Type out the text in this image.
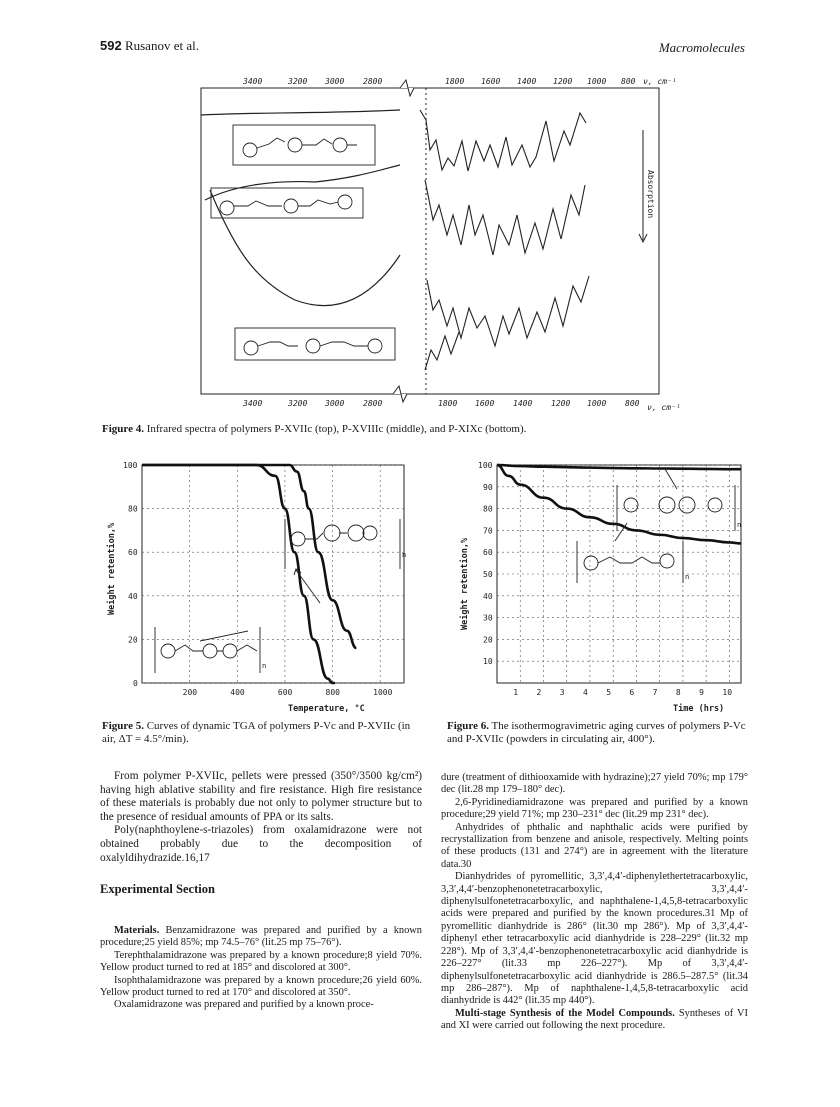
592 Rusanov et al.	Macromolecules
3400	3200 3000 2800	1800 1600 1400 1200 1000 800 ν, cm⁻¹
3400	3200 3000 2800	1800 1600 1400 1200 1000 800 ν, cm⁻¹
Absorption
Figure 4. Infrared spectra of polymers P-XVIIc (top), P-XVIIIc (middle), and P-XIXc (bottom).
200	400	600	800	1000
0
20
40
60
80
100
Weight retention,%
Temperature, °C
n
n
Figure 5. Curves of dynamic TGA of polymers P-Vc and P-XVIIc (in air, ΔT = 4.5°/min).
1 2 3 4 5 6 7 8 9 10
10
20
30
40
50
60
70
80
90
100
Weight retention,%
Time (hrs)
n
n
Figure 6. The isothermogravimetric aging curves of polymers P-Vc and P-XVIIc (powders in circulating air, 400°).

From polymer P-XVIIc, pellets were pressed (350°/3500 kg/cm²) having high ablative stability and fire resistance. High fire resistance of these materials is probably due not only to polymer structure but to the presence of residual amounts of PPA or its salts.

Poly(naphthoylene-s-triazoles) from oxalamidrazone were not obtained probably due to the decomposition of oxalyldihydrazide.16,17

Experimental Section

Materials. Benzamidrazone was prepared and purified by a known procedure;25 yield 85%; mp 74.5–76° (lit.25 mp 75–76°).

Terephthalamidrazone was prepared by a known procedure;8 yield 70%. Yellow product turned to red at 185° and discolored at 300°.

Isophthalamidrazone was prepared by a known procedure;26 yield 60%. Yellow product turned to red at 170° and discolored at 350°.

Oxalamidrazone was prepared and purified by a known proce-

dure (treatment of dithiooxamide with hydrazine);27 yield 70%; mp 179° dec (lit.28 mp 179–180° dec).

2,6-Pyridinediamidrazone was prepared and purified by a known procedure;29 yield 71%; mp 230–231° dec (lit.29 mp 231° dec).

Anhydrides of phthalic and naphthalic acids were purified by recrystallization from benzene and anisole, respectively. Melting points of these products (131 and 274°) are in agreement with the literature data.30

Dianhydrides of pyromellitic, 3,3′,4,4′-diphenylethertetracarboxylic, 3,3′,4,4′-benzophenonetetracarboxylic, 3,3′,4,4′-diphenylsulfonetetracarboxylic, and naphthalene-1,4,5,8-tetracarboxylic acids were prepared and purified by the known procedures.31 Mp of pyromellitic dianhydride is 286° (lit.30 mp 286°). Mp of 3,3′,4,4′-diphenyl ether tetracarboxylic acid dianhydride is 228–229° (lit.32 mp 228°). Mp of 3,3′,4,4′-benzophenonetetracarboxylic acid dianhydride is 226–227° (lit.33 mp 226–227°). Mp of 3,3′,4,4′-diphenylsulfonetetracarboxylic acid dianhydride is 286.5–287.5° (lit.34 mp 286–287°). Mp of naphthalene-1,4,5,8-tetracarboxylic acid dianhydride is 442° (lit.35 mp 440°).

Multi-stage Synthesis of the Model Compounds. Syntheses of VI and XI were carried out following the next procedure.
